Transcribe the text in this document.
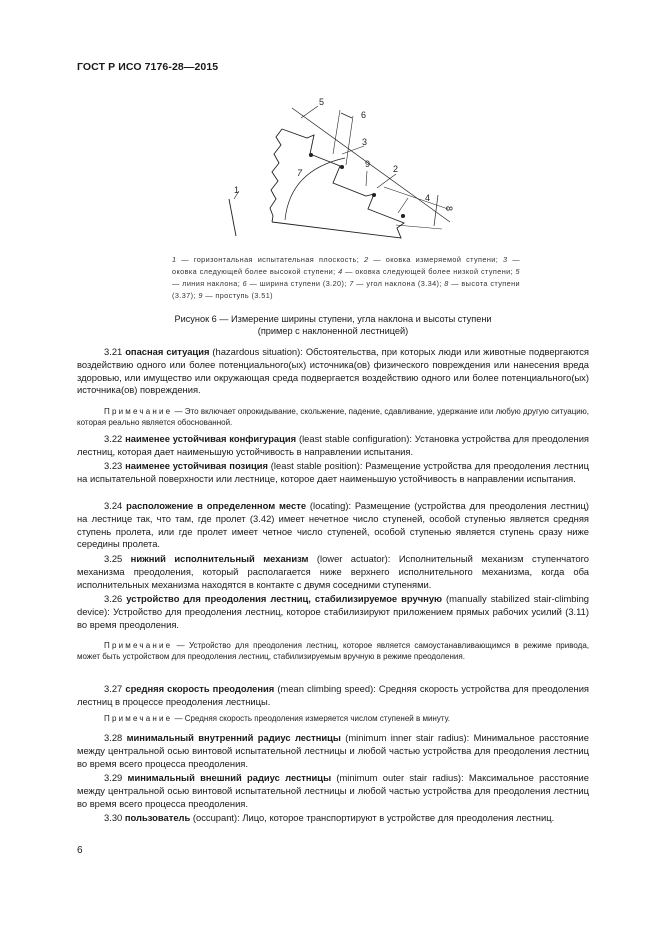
ГОСТ Р ИСО 7176-28—2015
1
2
3
4
5
6
7
8
9
1 — горизонтальная испытательная плоскость; 2 — оковка измеряемой ступени; 3 — оковка следующей более высокой ступени; 4 — оковка следующей более низкой ступени; 5 — линия наклона; 6 — ширина ступени (3.20); 7 — угол наклона (3.34); 8 — высота ступени (3.37); 9 — проступь (3.51)
Рисунок 6 — Измерение ширины ступени, угла наклона и высоты ступени
(пример с наклоненной лестницей)
3.21 опасная ситуация (hazardous situation): Обстоятельства, при которых люди или животные подвергаются воздействию одного или более потенциального(ых) источника(ов) физического повреждения или нанесения вреда здоровью, или имущество или окружающая среда подвергается воздействию одного или более потенциального(ых) источника(ов) повреждения.
Примечание — Это включает опрокидывание, скольжение, падение, сдавливание, удержание или любую другую ситуацию, которая реально является обоснованной.
3.22 наименее устойчивая конфигурация (least stable configuration): Установка устройства для преодоления лестниц, которая дает наименьшую устойчивость в направлении испытания.
3.23 наименее устойчивая позиция (least stable position): Размещение устройства для преодоления лестниц на испытательной поверхности или лестнице, которое дает наименьшую устойчивость в направлении испытания.
3.24 расположение в определенном месте (locating): Размещение (устройства для преодоления лестниц) на лестнице так, что там, где пролет (3.42) имеет нечетное число ступеней, особой ступенью является средняя ступень пролета, или где пролет имеет четное число ступеней, особой ступенью является ступень сразу ниже середины пролета.
3.25 нижний исполнительный механизм (lower actuator): Исполнительный механизм ступенчатого механизма преодоления, который располагается ниже верхнего исполнительного механизма, когда оба исполнительных механизма находятся в контакте с двумя соседними ступенями.
3.26 устройство для преодоления лестниц, стабилизируемое вручную (manually stabilized stair-climbing device): Устройство для преодоления лестниц, которое стабилизируют приложением прямых рабочих усилий (3.11) во время преодоления.
Примечание — Устройство для преодоления лестниц, которое является самоустанавливающимся в режиме привода, может быть устройством для преодоления лестниц, стабилизируемым вручную в режиме преодоления.
3.27 средняя скорость преодоления (mean climbing speed): Средняя скорость устройства для преодоления лестниц в процессе преодоления лестницы.
Примечание — Средняя скорость преодоления измеряется числом ступеней в минуту.
3.28 минимальный внутренний радиус лестницы (minimum inner stair radius): Минимальное расстояние между центральной осью винтовой испытательной лестницы и любой частью устройства для преодоления лестниц во время всего процесса преодоления.
3.29 минимальный внешний радиус лестницы (minimum outer stair radius): Максимальное расстояние между центральной осью винтовой испытательной лестницы и любой частью устройства для преодоления лестниц во время всего процесса преодоления.
3.30 пользователь (occupant): Лицо, которое транспортируют в устройстве для преодоления лестниц.
6
